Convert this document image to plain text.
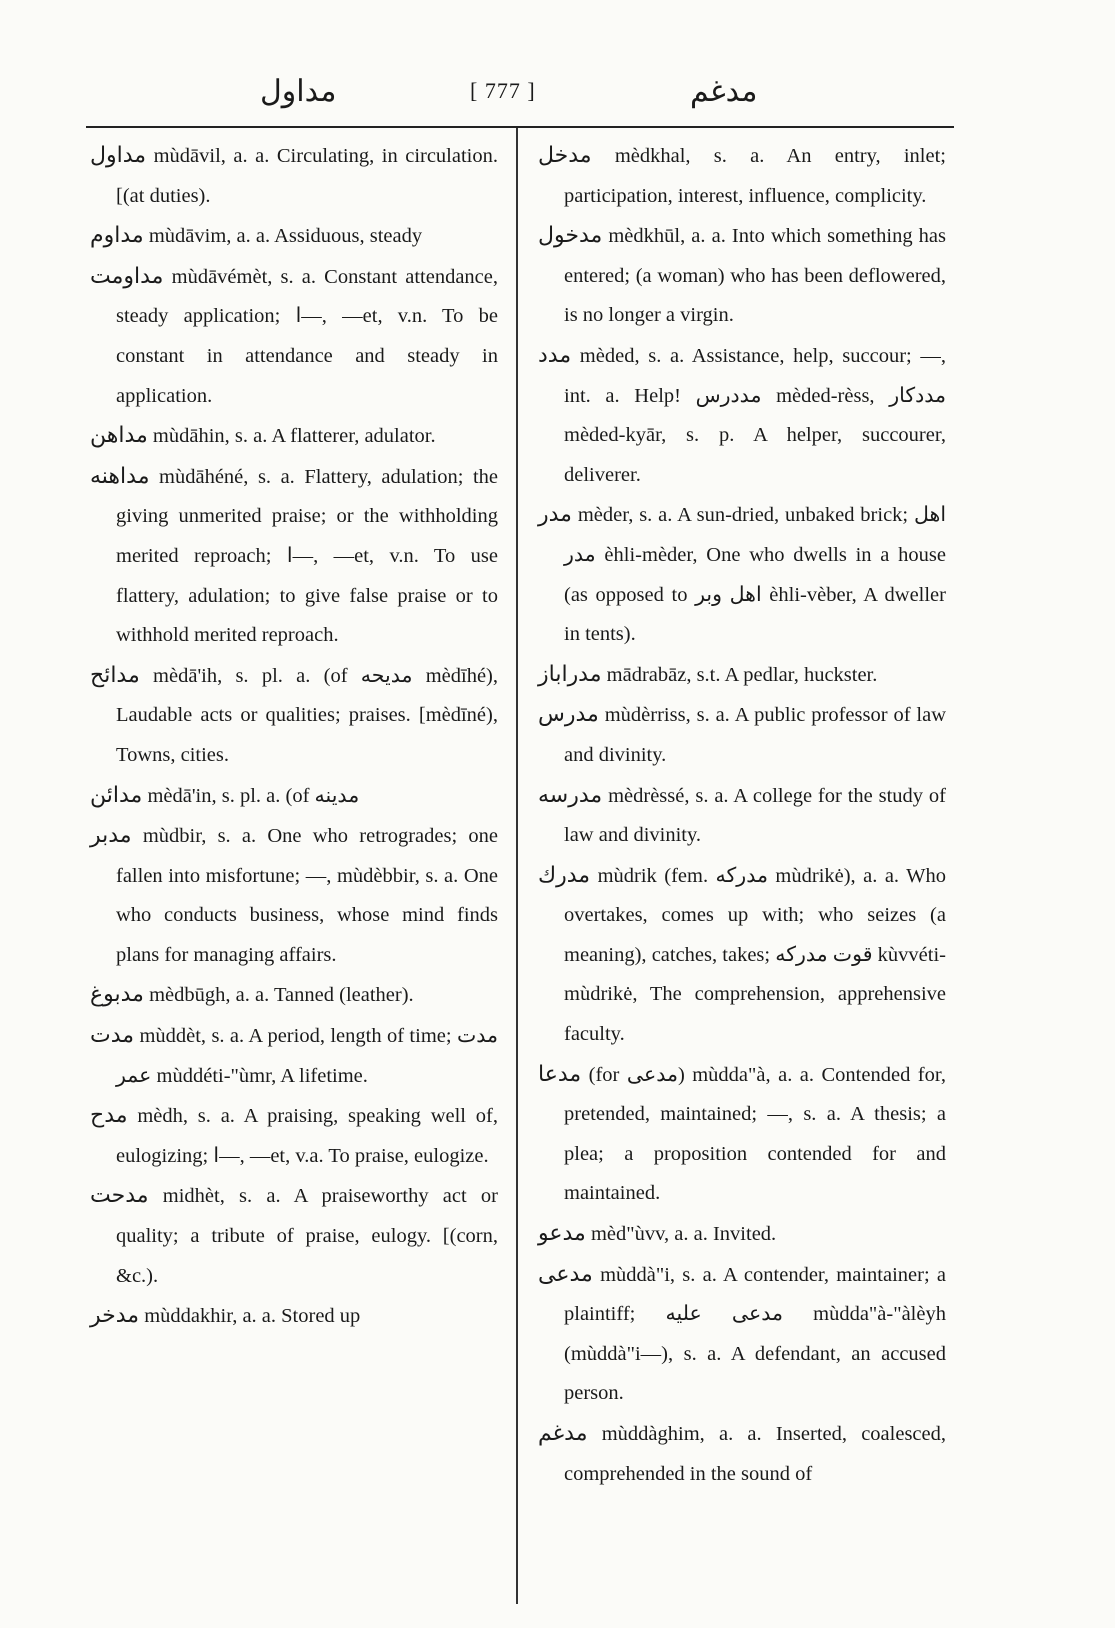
مداول	[ 777 ]	مدغم

مداول mùdāvil, a. a. Circulating, in circulation. [(at duties).

مداوم mùdāvim, a. a. Assiduous, steady

مداومت mùdāvémèt, s. a. Constant attendance, steady application; ا—, —et, v.n. To be constant in attendance and steady in application.

مداهن mùdāhin, s. a. A flatterer, adulator.

مداهنه mùdāhéné, s. a. Flattery, adulation; the giving unmerited praise; or the withholding merited reproach; ا—, —et, v.n. To use flattery, adulation; to give false praise or to withhold merited reproach.

مدائح mèdā'ih, s. pl. a. (of مديحه mèdīhé), Laudable acts or qualities; praises. [mèdīné), Towns, cities.

مدائن mèdā'in, s. pl. a. (of مدينه

مدبر mùdbir, s. a. One who retrogrades; one fallen into misfortune; —, mùdèbbir, s. a. One who conducts business, whose mind finds plans for managing affairs.

مدبوغ mèdbūgh, a. a. Tanned (leather).

مدت mùddèt, s. a. A period, length of time; مدت عمر mùddéti-"ùmr, A lifetime.

مدح mèdh, s. a. A praising, speaking well of, eulogizing; ا—, —et, v.a. To praise, eulogize.

مدحت midhèt, s. a. A praiseworthy act or quality; a tribute of praise, eulogy. [(corn, &c.).

مدخر mùddakhir, a. a. Stored up

مدخل mèdkhal, s. a. An entry, inlet; participation, interest, influence, complicity.

مدخول mèdkhūl, a. a. Into which something has entered; (a woman) who has been deflowered, is no longer a virgin.

مدد mèded, s. a. Assistance, help, succour; —, int. a. Help! مددرس mèded-rèss, مددكار mèded-kyār, s. p. A helper, succourer, deliverer.

مدر mèder, s. a. A sun-dried, unbaked brick; اهل مدر èhli-mèder, One who dwells in a house (as opposed to اهل وبر èhli-vèber, A dweller in tents).

مدراباز mādrabāz, s.t. A pedlar, huckster.

مدرس mùdèrriss, s. a. A public professor of law and divinity.

مدرسه mèdrèssé, s. a. A college for the study of law and divinity.

مدرك mùdrik (fem. مدركه mùdrikė), a. a. Who overtakes, comes up with; who seizes (a meaning), catches, takes; قوت مدركه kùvvéti-mùdrikė, The comprehension, apprehensive faculty.

مدعا (for مدعى) mùdda"à, a. a. Contended for, pretended, maintained; —, s. a. A thesis; a plea; a proposition contended for and maintained.

مدعو mèd"ùvv, a. a. Invited.

مدعى mùddà"i, s. a. A contender, maintainer; a plaintiff; مدعى عليه mùdda"à-"àlèyh (mùddà"i—), s. a. A defendant, an accused person.

مدغم mùddàghim, a. a. Inserted, coalesced, comprehended in the sound of
